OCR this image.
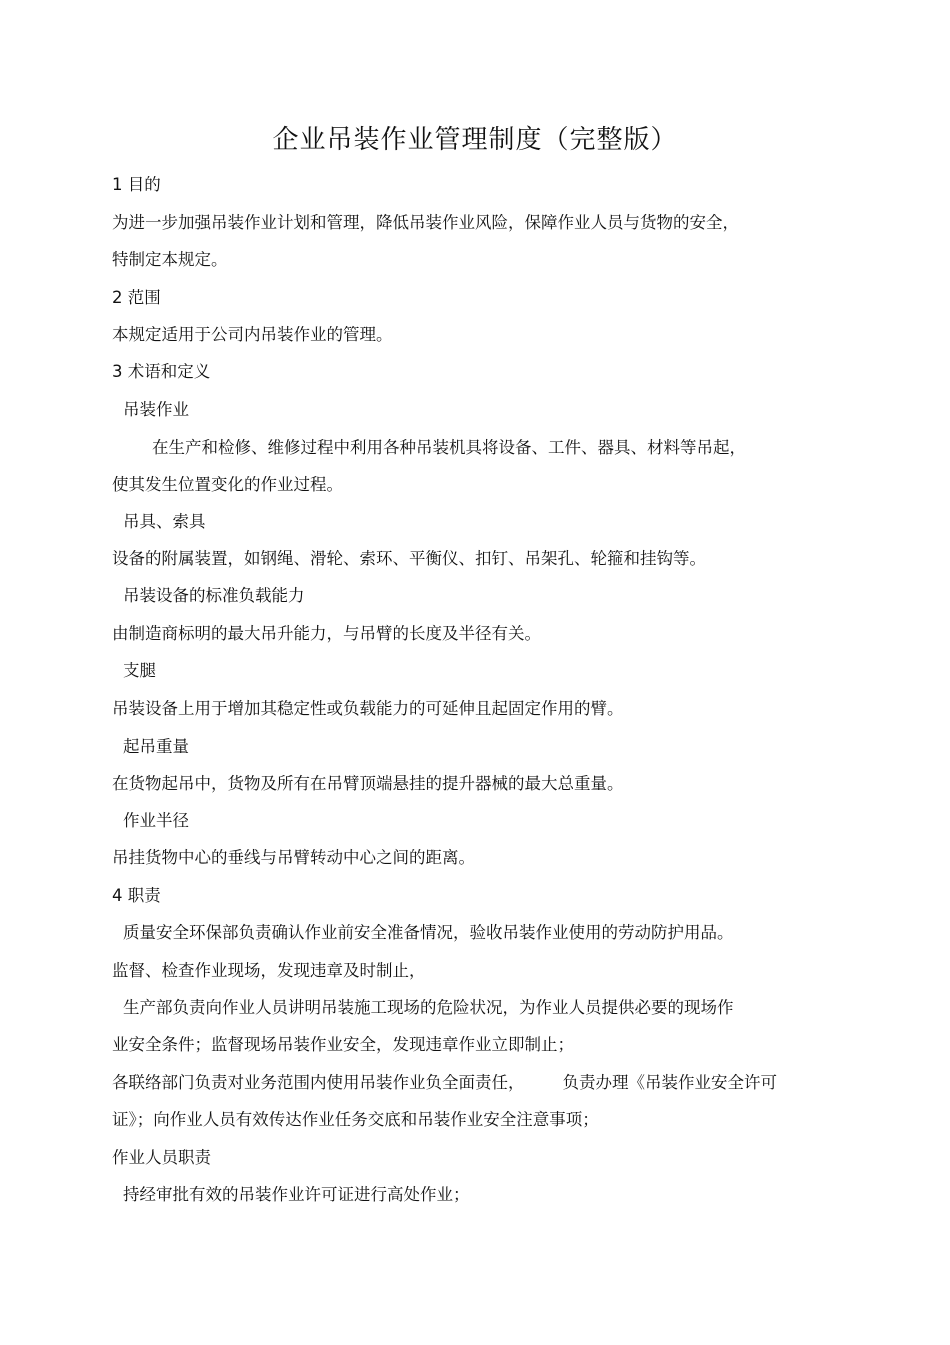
企业吊装作业管理制度（完整版）
1 目的
为进一步加强吊装作业计划和管理，降低吊装作业风险，保障作业人员与货物的安全，
特制定本规定。
2 范围
本规定适用于公司内吊装作业的管理。
3 术语和定义
吊装作业
在生产和检修、维修过程中利用各种吊装机具将设备、工件、器具、材料等吊起，
使其发生位置变化的作业过程。
吊具、索具
设备的附属装置，如钢绳、滑轮、索环、平衡仪、扣钉、吊架孔、轮箍和挂钩等。
吊装设备的标准负载能力
由制造商标明的最大吊升能力，与吊臂的长度及半径有关。
支腿
吊装设备上用于增加其稳定性或负载能力的可延伸且起固定作用的臂。
起吊重量
在货物起吊中，货物及所有在吊臂顶端悬挂的提升器械的最大总重量。
作业半径
吊挂货物中心的垂线与吊臂转动中心之间的距离。
4 职责
质量安全环保部负责确认作业前安全准备情况，验收吊装作业使用的劳动防护用品。
监督、检查作业现场，发现违章及时制止，
生产部负责向作业人员讲明吊装施工现场的危险状况，为作业人员提供必要的现场作
业安全条件；监督现场吊装作业安全，发现违章作业立即制止；
各联络部门负责对业务范围内使用吊装作业负全面责任， 负责办理《吊装作业安全许可
证》；向作业人员有效传达作业任务交底和吊装作业安全注意事项；
作业人员职责
持经审批有效的吊装作业许可证进行高处作业；
